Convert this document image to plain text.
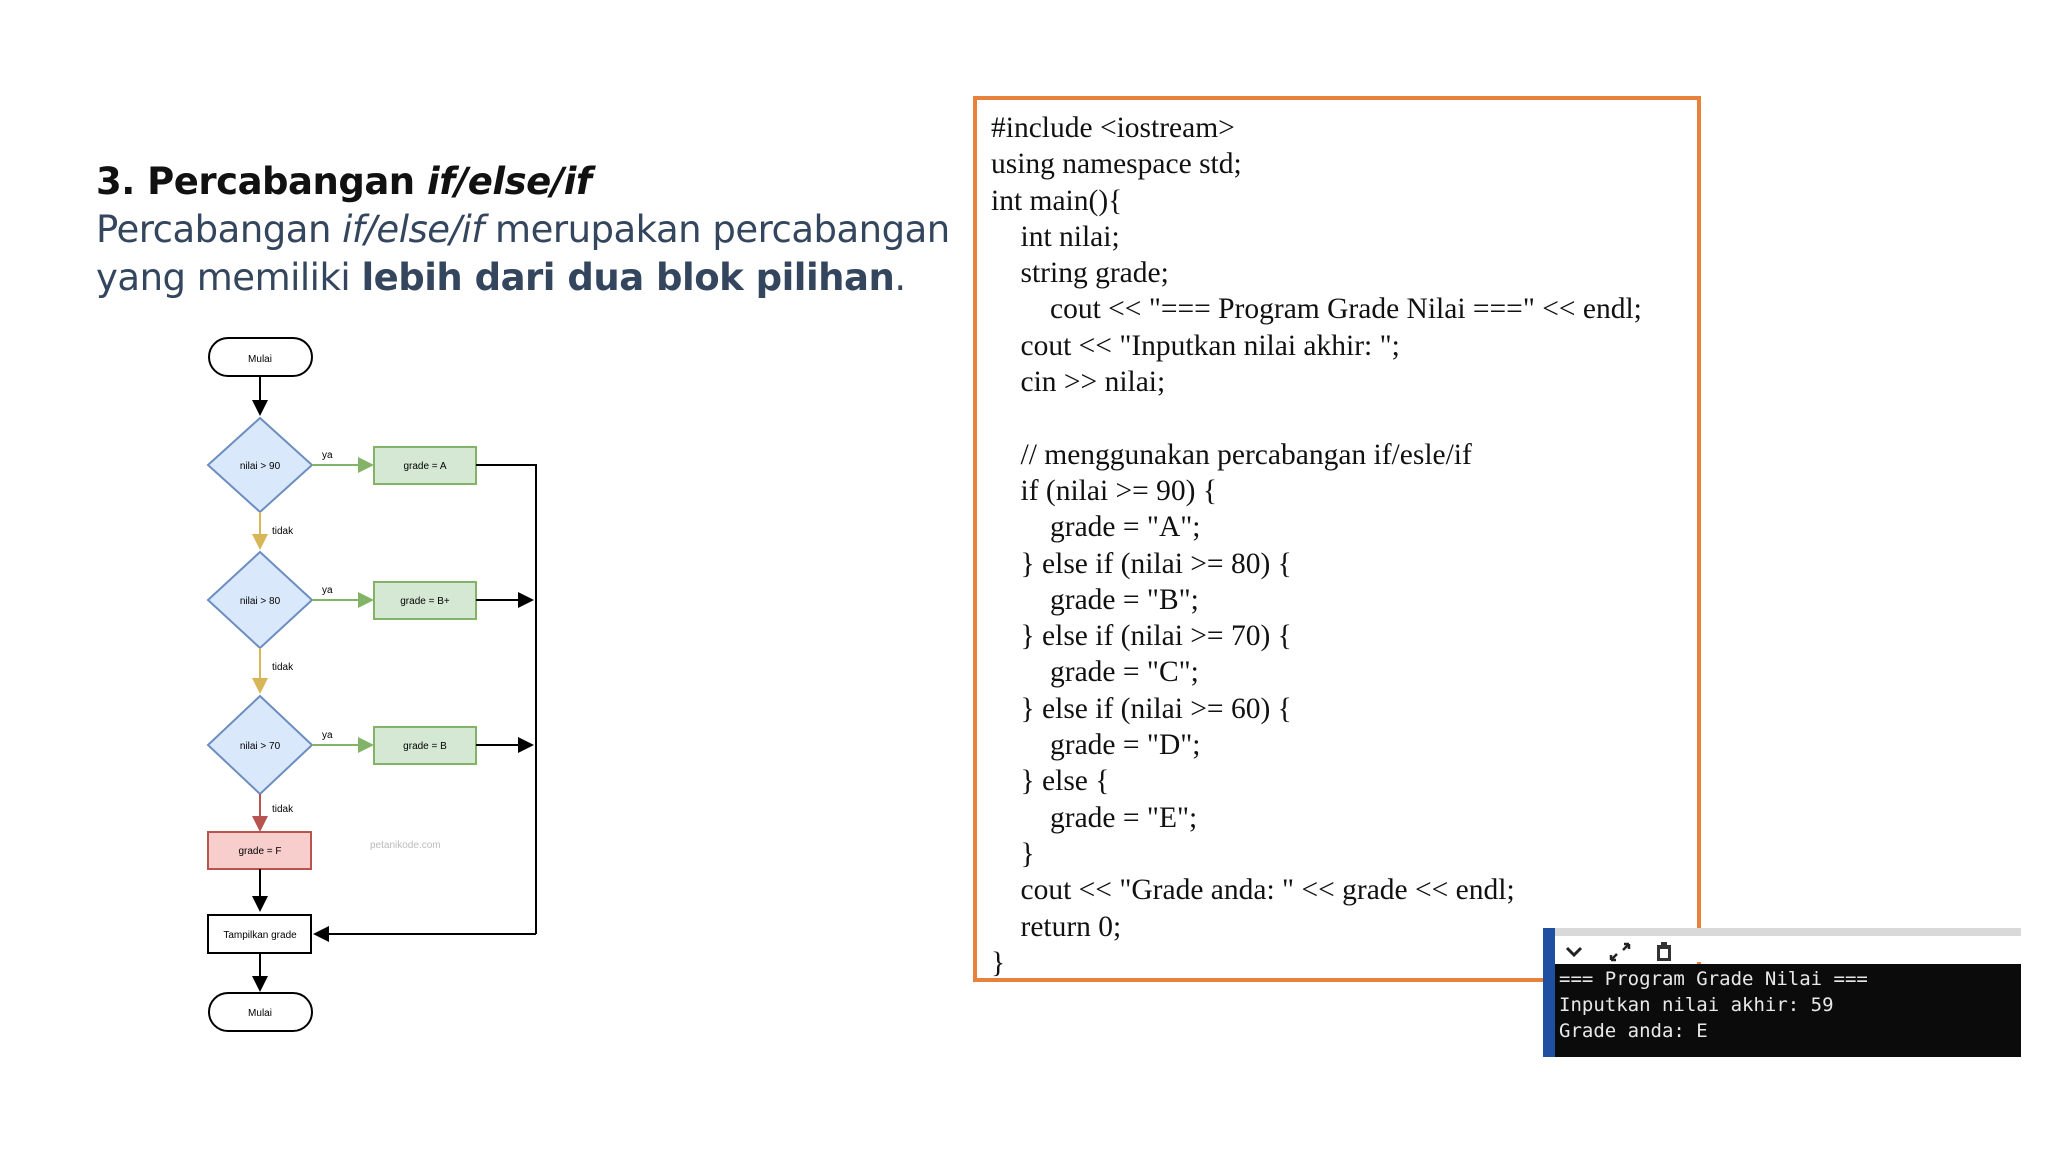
3. Percabangan if/else/if
Percabangan if/else/if merupakan percabangan yang memiliki lebih dari dua blok pilihan.
Mulai
nilai > 90
ya
grade = A
tidak
nilai > 80
ya
grade = B+
tidak
nilai > 70
ya
grade = B
tidak
grade = F
petanikode.com
Tampilkan grade
Mulai
#include <iostream>
using namespace std;
int main(){
int nilai;
string grade;
cout << "=== Program Grade Nilai ===" << endl;
cout << "Inputkan nilai akhir: ";
cin >> nilai;

// menggunakan percabangan if/esle/if
if (nilai >= 90) {
grade = "A";
} else if (nilai >= 80) {
grade = "B";
} else if (nilai >= 70) {
grade = "C";
} else if (nilai >= 60) {
grade = "D";
} else {
grade = "E";
}
cout << "Grade anda: " << grade << endl;
return 0;
}
=== Program Grade Nilai ===
Inputkan nilai akhir: 59
Grade anda: E
